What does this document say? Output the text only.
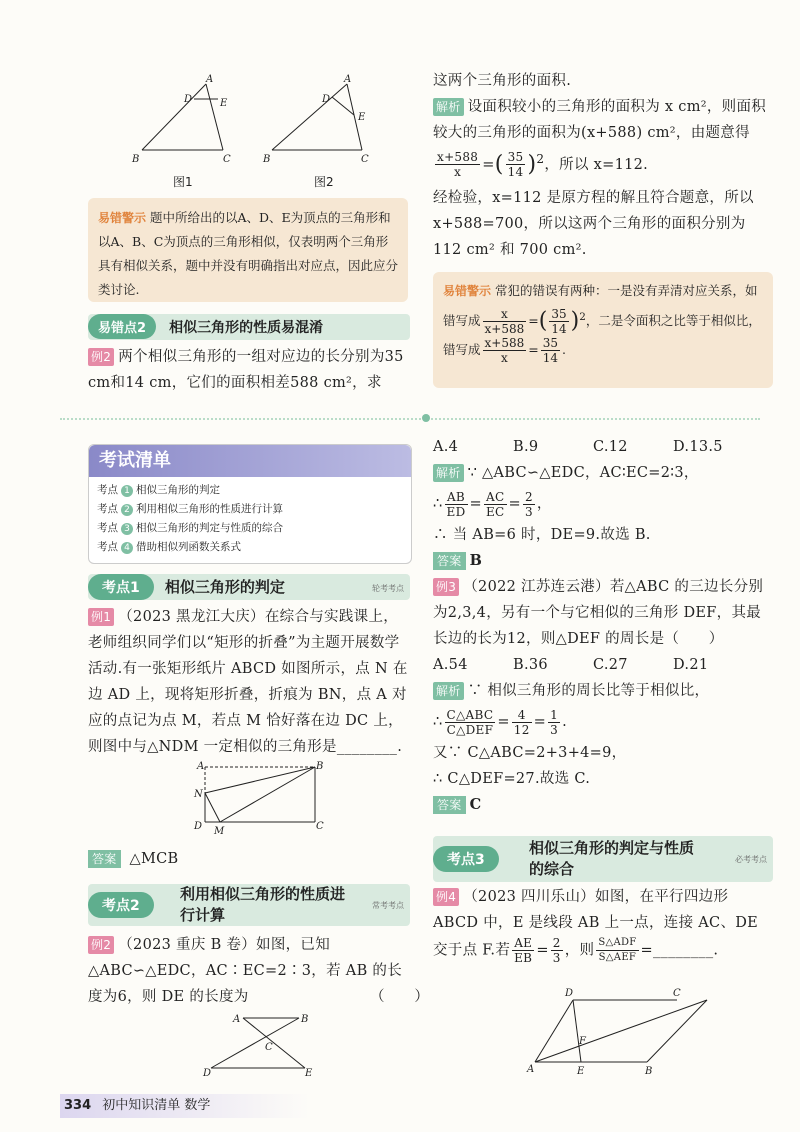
A
D	E
B	C
A
D
E
B	C
图1	图2
易错警示 题中所给出的以A、D、E为顶点的三角形和以A、B、C为顶点的三角形相似，仅表明两个三角形具有相似关系，题中并没有明确指出对应点，因此应分类讨论.
易错点2 相似三角形的性质易混淆
例2 两个相似三角形的一组对应边的长分别为35 cm和14 cm，它们的面积相差588 cm²，求
这两个三角形的面积.
解析 设面积较小的三角形的面积为 x cm²，则面积较大的三角形的面积为(x+588) cm²，由题意得
$\frac{x+588}{x}$ =( $\frac{35}{14} )^2$，所以 x=112.
经检验，x=112 是原方程的解且符合题意，所以 x+588=700，所以这两个三角形的面积分别为 112 cm² 和 700 cm².
易错警示 常犯的错误有两种：一是没有弄清对应关系，如错写成 $\frac{x}{x+588}$ =( $\frac{35}{14} )^2$，二是令面积之比等于相似比，错写成 $\frac{x+588}{x} = \frac{35}{14}$ .
考试清单
考点 1 相似三角形的判定
考点 2 利用相似三角形的性质进行计算
考点 3 相似三角形的判定与性质的综合
考点 4 借助相似列函数关系式
考点1 相似三角形的判定	轮考考点
例1 （2023 黑龙江大庆）在综合与实践课上，老师组织同学们以“矩形的折叠”为主题开展数学活动.有一张矩形纸片 ABCD 如图所示，点 N 在边 AD 上，现将矩形折叠，折痕为 BN，点 A 对应的点记为点 M，若点 M 恰好落在边 DC 上，则图中与△NDM 一定相似的三角形是________.
A	B
N
D M	C
答案 △MCB
考点2
利用相似三角形的性质进行计算
常考考点
例2 （2023 重庆 B 卷）如图，已知△ABC∽△EDC，AC∶EC=2∶3，若 AB 的长度为6，则 DE 的长度为	（　　）
A	B
C
D	E
A.4	B.9	C.12	D.13.5
解析 ∵ △ABC∽△EDC，AC∶EC=2∶3，
∴ $\frac{AB}{ED} = \frac{AC}{EC} = \frac{2}{3}$ ，
∴ 当 AB=6 时，DE=9.故选 B.
答案 B
例3 （2022 江苏连云港）若△ABC 的三边长分别为2,3,4，另有一个与它相似的三角形 DEF，其最长边的长为12，则△DEF 的周长是（　　）
A.54	B.36	C.27	D.21
解析 ∵ 相似三角形的周长比等于相似比，
∴ $\frac{\text{C△ABC}}{\text{C△DEF}} = \frac{4}{12} = \frac{1}{3}$ .
又∵ C△ABC=2+3+4=9，
∴ C△DEF=27.故选 C.
答案 C
考点3
相似三角形的判定与性质
的综合
必考考点
例4 （2023 四川乐山）如图，在平行四边形 ABCD 中，E 是线段 AB 上一点，连接 AC、DE 交于点 F.若 $\frac{AE}{EB} = \frac{2}{3}$ ，则 $\frac{\text{S△ADF}}{\text{S△AEF}}$ =________.
D	C
F
A	E	B
334 初中知识清单 数学
